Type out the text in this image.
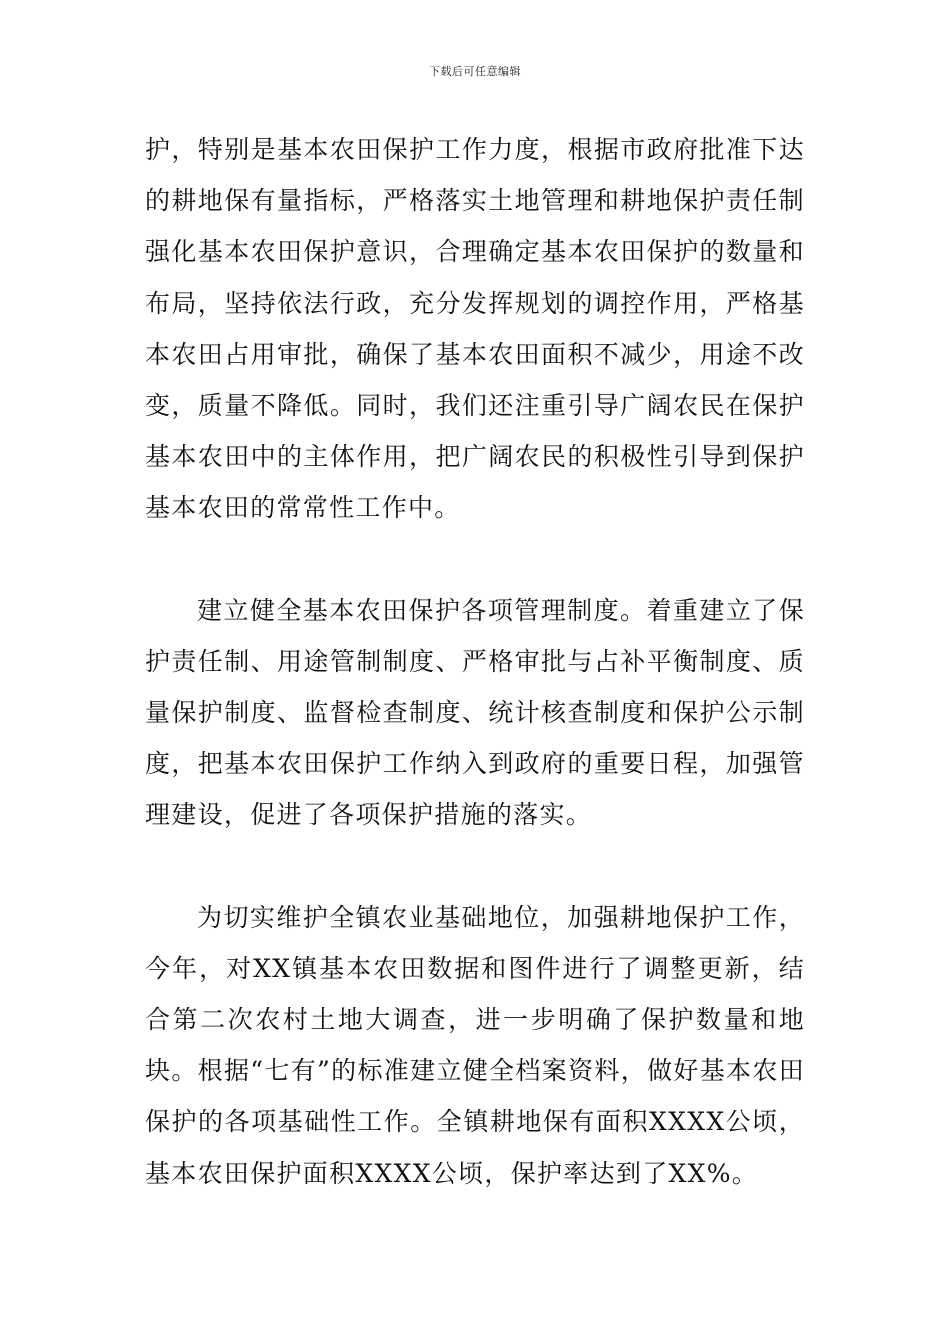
下载后可任意编辑

护，特别是基本农田保护工作力度，根据市政府批准下达的耕地保有量指标，严格落实土地管理和耕地保护责任制强化基本农田保护意识，合理确定基本农田保护的数量和布局，坚持依法行政，充分发挥规划的调控作用，严格基本农田占用审批，确保了基本农田面积不减少，用途不改变，质量不降低。同时，我们还注重引导广阔农民在保护基本农田中的主体作用，把广阔农民的积极性引导到保护基本农田的常常性工作中。

建立健全基本农田保护各项管理制度。着重建立了保护责任制、用途管制制度、严格审批与占补平衡制度、质量保护制度、监督检查制度、统计核查制度和保护公示制度，把基本农田保护工作纳入到政府的重要日程，加强管理建设，促进了各项保护措施的落实。

为切实维护全镇农业基础地位，加强耕地保护工作，今年，对XX镇基本农田数据和图件进行了调整更新，结合第二次农村土地大调查，进一步明确了保护数量和地块。根据“七有”的标准建立健全档案资料，做好基本农田保护的各项基础性工作。全镇耕地保有面积XXXX公顷，基本农田保护面积XXXX公顷，保护率达到了XX%。
